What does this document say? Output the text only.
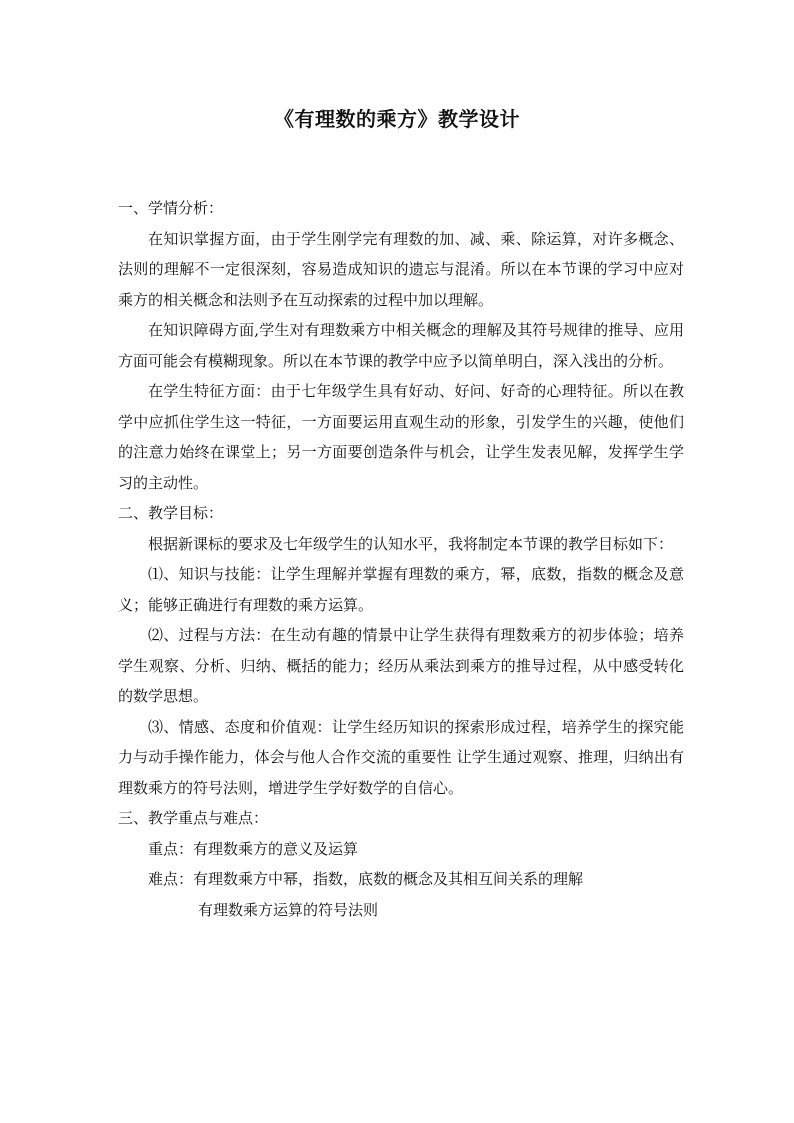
《有理数的乘方》教学设计

一、学情分析：

在知识掌握方面，由于学生刚学完有理数的加、减、乘、除运算，对许多概念、法则的理解不一定很深刻，容易造成知识的遗忘与混淆。所以在本节课的学习中应对乘方的相关概念和法则予在互动探索的过程中加以理解。

在知识障碍方面,学生对有理数乘方中相关概念的理解及其符号规律的推导、应用方面可能会有模糊现象。所以在本节课的教学中应予以简单明白，深入浅出的分析。

在学生特征方面：由于七年级学生具有好动、好问、好奇的心理特征。所以在教学中应抓住学生这一特征，一方面要运用直观生动的形象，引发学生的兴趣，使他们的注意力始终在课堂上；另一方面要创造条件与机会，让学生发表见解，发挥学生学习的主动性。

二、教学目标：

根据新课标的要求及七年级学生的认知水平，我将制定本节课的教学目标如下：

⑴、知识与技能：让学生理解并掌握有理数的乘方，幂，底数，指数的概念及意义；能够正确进行有理数的乘方运算。

⑵、过程与方法：在生动有趣的情景中让学生获得有理数乘方的初步体验；培养学生观察、分析、归纳、概括的能力；经历从乘法到乘方的推导过程，从中感受转化的数学思想。

⑶、情感、态度和价值观：让学生经历知识的探索形成过程，培养学生的探究能力与动手操作能力，体会与他人合作交流的重要性 让学生通过观察、推理，归纳出有理数乘方的符号法则，增进学生学好数学的自信心。

三、教学重点与难点：

重点：有理数乘方的意义及运算

难点：有理数乘方中幂，指数，底数的概念及其相互间关系的理解

有理数乘方运算的符号法则
